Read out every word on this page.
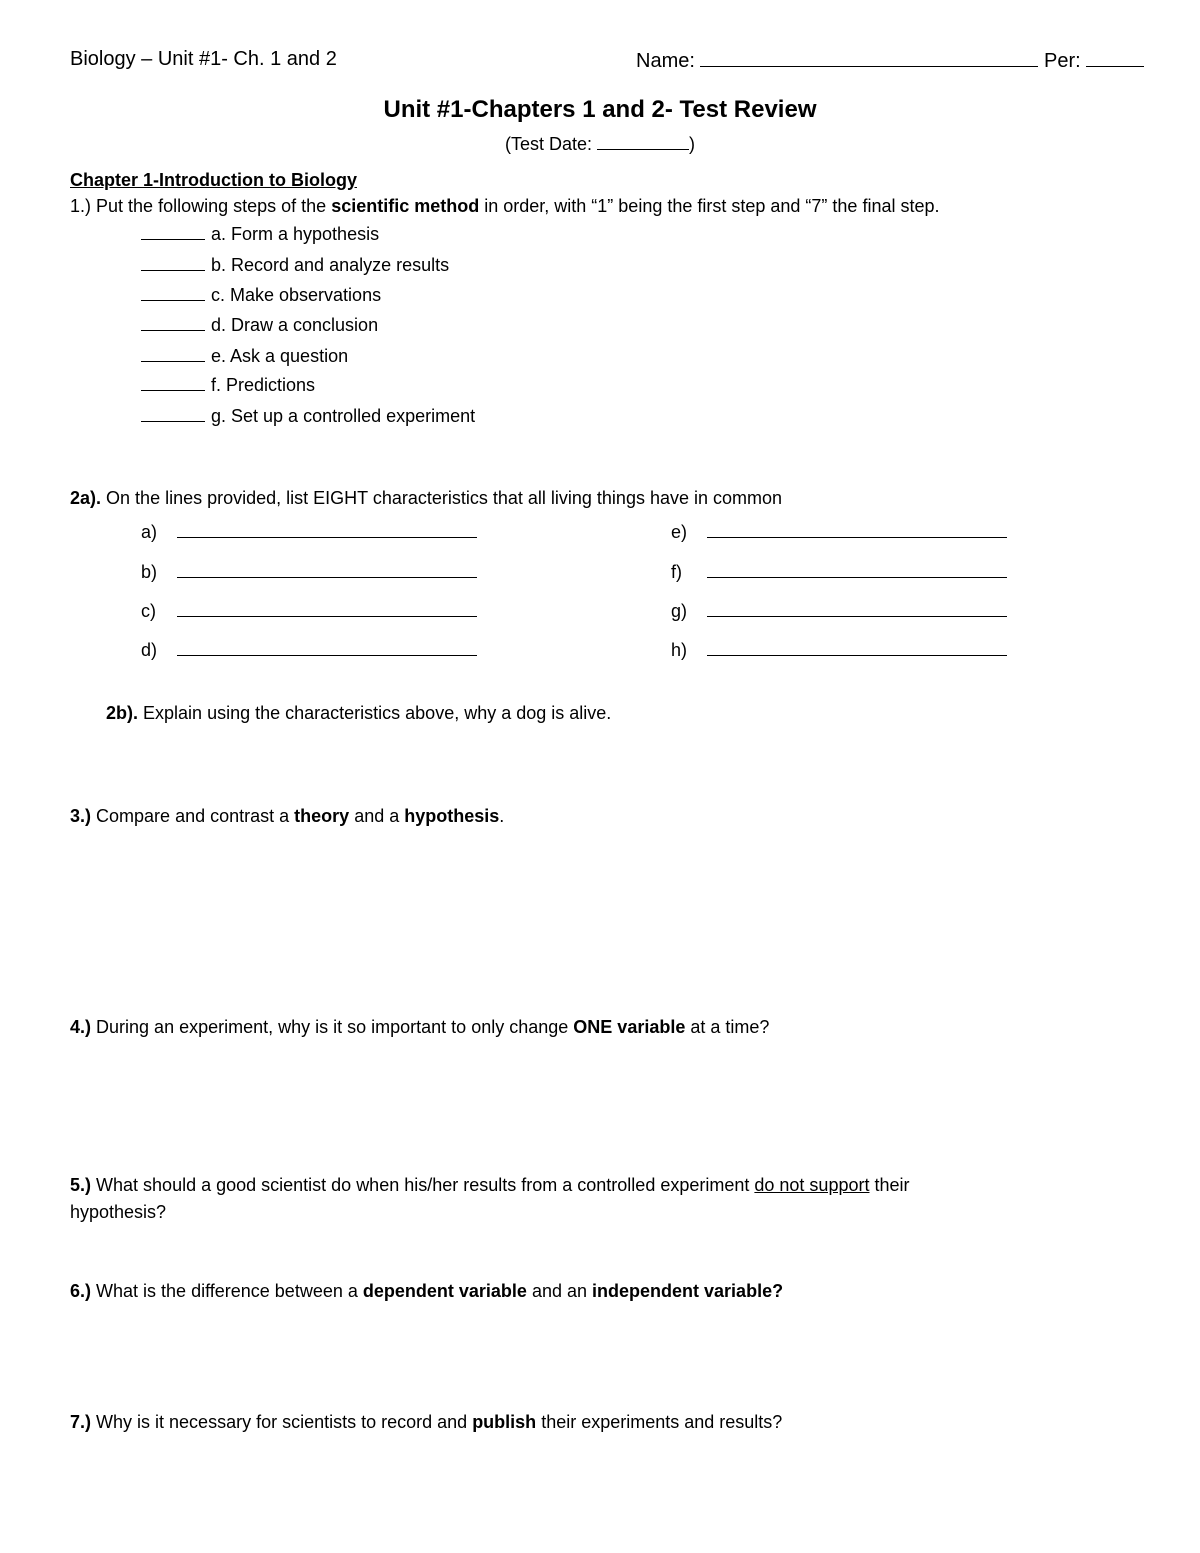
Biology – Unit #1- Ch. 1 and 2	Name:	Per:
Unit #1-Chapters 1 and 2- Test Review
(Test Date:	)
Chapter 1-Introduction to Biology
1.) Put the following steps of the scientific method in order, with “1” being the first step and “7” the final step.
a. Form a hypothesis
b. Record and analyze results
c. Make observations
d. Draw a conclusion
e. Ask a question
f. Predictions
g. Set up a controlled experiment
2a). On the lines provided, list EIGHT characteristics that all living things have in common
a)
b)
c)
d)
e)
f)
g)
h)
2b). Explain using the characteristics above, why a dog is alive.
3.) Compare and contrast a theory and a hypothesis.
4.) During an experiment, why is it so important to only change ONE variable at a time?
5.) What should a good scientist do when his/her results from a controlled experiment do not support their
hypothesis?
6.) What is the difference between a dependent variable and an independent variable?
7.) Why is it necessary for scientists to record and publish their experiments and results?
